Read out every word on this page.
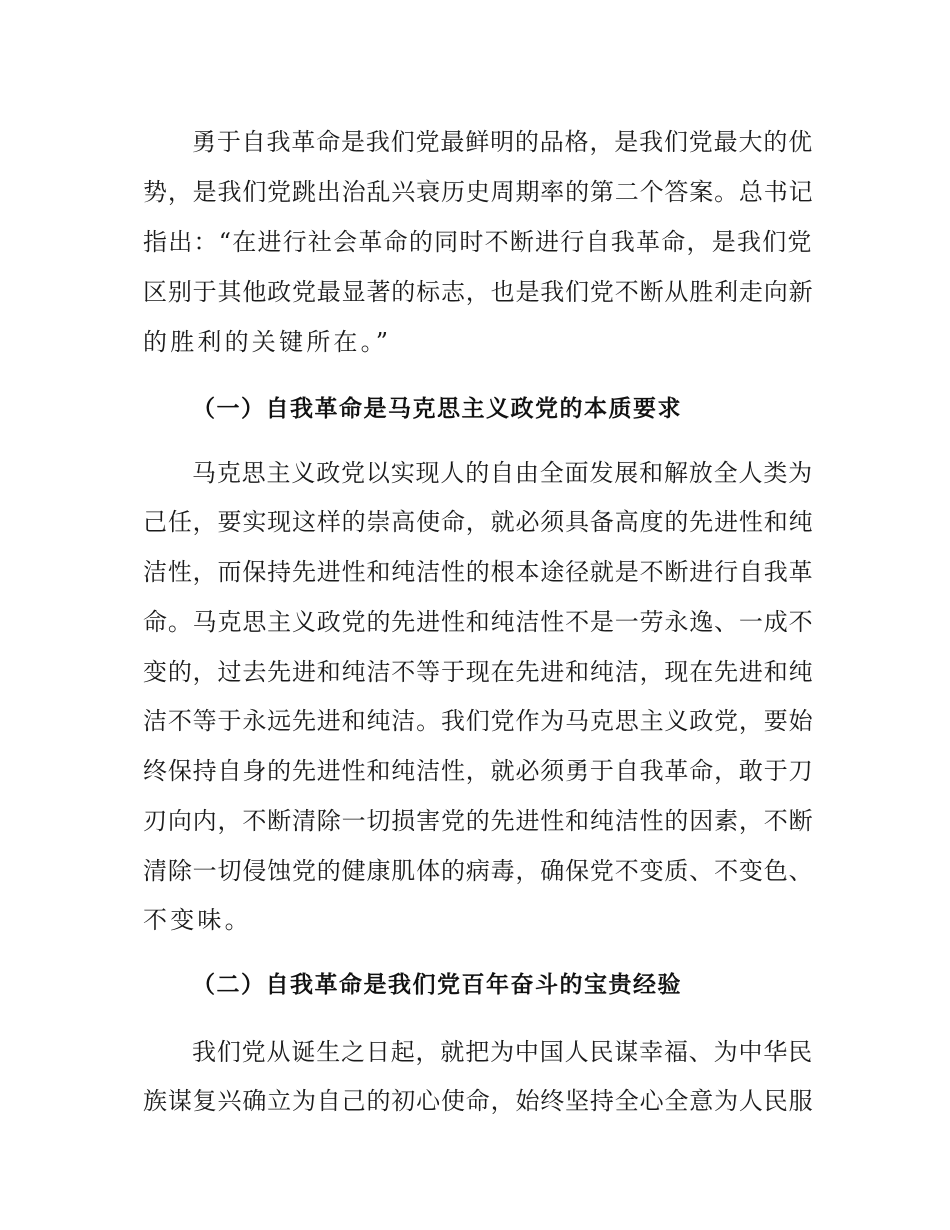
勇于自我革命是我们党最鲜明的品格，是我们党最大的优
势，是我们党跳出治乱兴衰历史周期率的第二个答案。总书记
指出：“在进行社会革命的同时不断进行自我革命，是我们党
区别于其他政党最显著的标志，也是我们党不断从胜利走向新
的胜利的关键所在。”
（一）自我革命是马克思主义政党的本质要求
马克思主义政党以实现人的自由全面发展和解放全人类为
己任，要实现这样的崇高使命，就必须具备高度的先进性和纯
洁性，而保持先进性和纯洁性的根本途径就是不断进行自我革
命。马克思主义政党的先进性和纯洁性不是一劳永逸、一成不
变的，过去先进和纯洁不等于现在先进和纯洁，现在先进和纯
洁不等于永远先进和纯洁。我们党作为马克思主义政党，要始
终保持自身的先进性和纯洁性，就必须勇于自我革命，敢于刀
刃向内，不断清除一切损害党的先进性和纯洁性的因素，不断
清除一切侵蚀党的健康肌体的病毒，确保党不变质、不变色、
不变味。
（二）自我革命是我们党百年奋斗的宝贵经验
我们党从诞生之日起，就把为中国人民谋幸福、为中华民
族谋复兴确立为自己的初心使命，始终坚持全心全意为人民服
